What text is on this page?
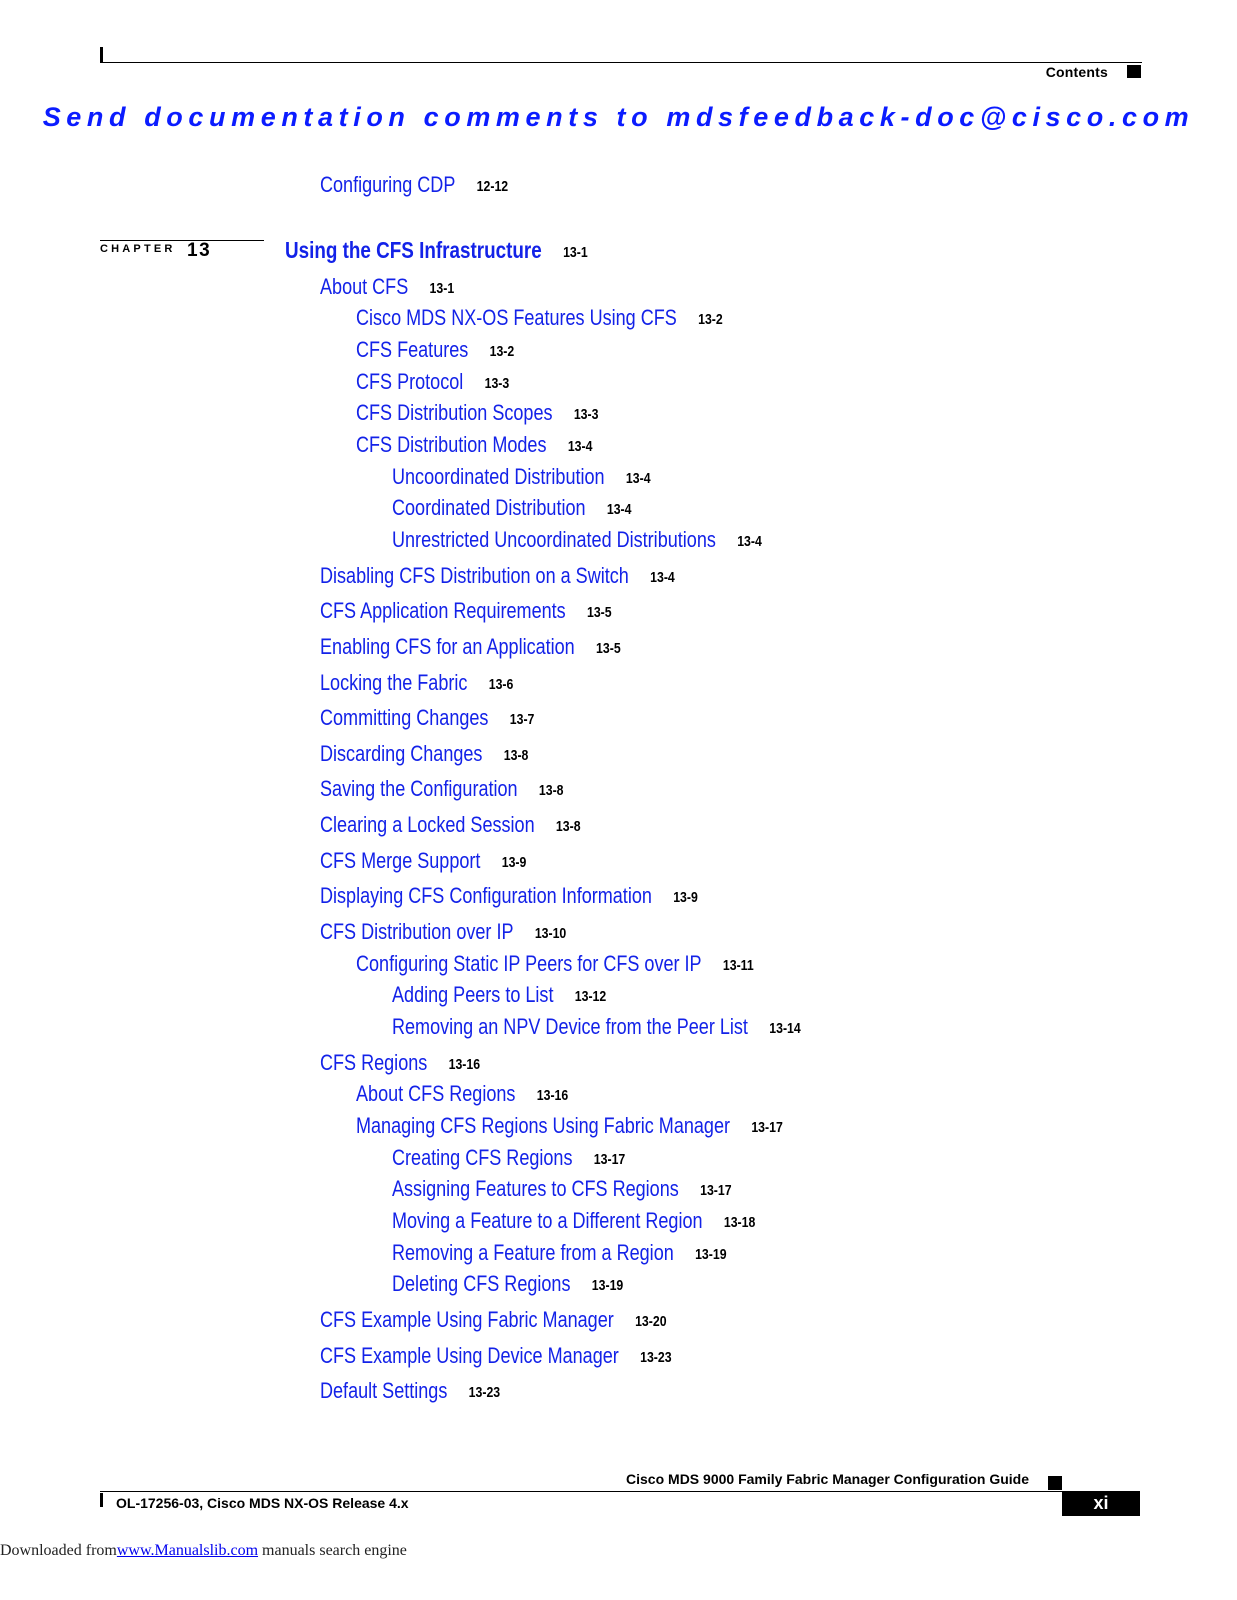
Contents
Send documentation comments to mdsfeedback-doc@cisco.com
CHAPTER 13
Configuring CDP 12-12
Using the CFS Infrastructure 13-1
About CFS 13-1
Cisco MDS NX-OS Features Using CFS 13-2
CFS Features 13-2
CFS Protocol 13-3
CFS Distribution Scopes 13-3
CFS Distribution Modes 13-4
Uncoordinated Distribution 13-4
Coordinated Distribution 13-4
Unrestricted Uncoordinated Distributions 13-4
Disabling CFS Distribution on a Switch 13-4
CFS Application Requirements 13-5
Enabling CFS for an Application 13-5
Locking the Fabric 13-6
Committing Changes 13-7
Discarding Changes 13-8
Saving the Configuration 13-8
Clearing a Locked Session 13-8
CFS Merge Support 13-9
Displaying CFS Configuration Information 13-9
CFS Distribution over IP 13-10
Configuring Static IP Peers for CFS over IP 13-11
Adding Peers to List 13-12
Removing an NPV Device from the Peer List 13-14
CFS Regions 13-16
About CFS Regions 13-16
Managing CFS Regions Using Fabric Manager 13-17
Creating CFS Regions 13-17
Assigning Features to CFS Regions 13-17
Moving a Feature to a Different Region 13-18
Removing a Feature from a Region 13-19
Deleting CFS Regions 13-19
CFS Example Using Fabric Manager 13-20
CFS Example Using Device Manager 13-23
Default Settings 13-23
Cisco MDS 9000 Family Fabric Manager Configuration Guide
OL-17256-03, Cisco MDS NX-OS Release 4.x	xi
Downloaded fromwww.Manualslib.com manuals search engine
